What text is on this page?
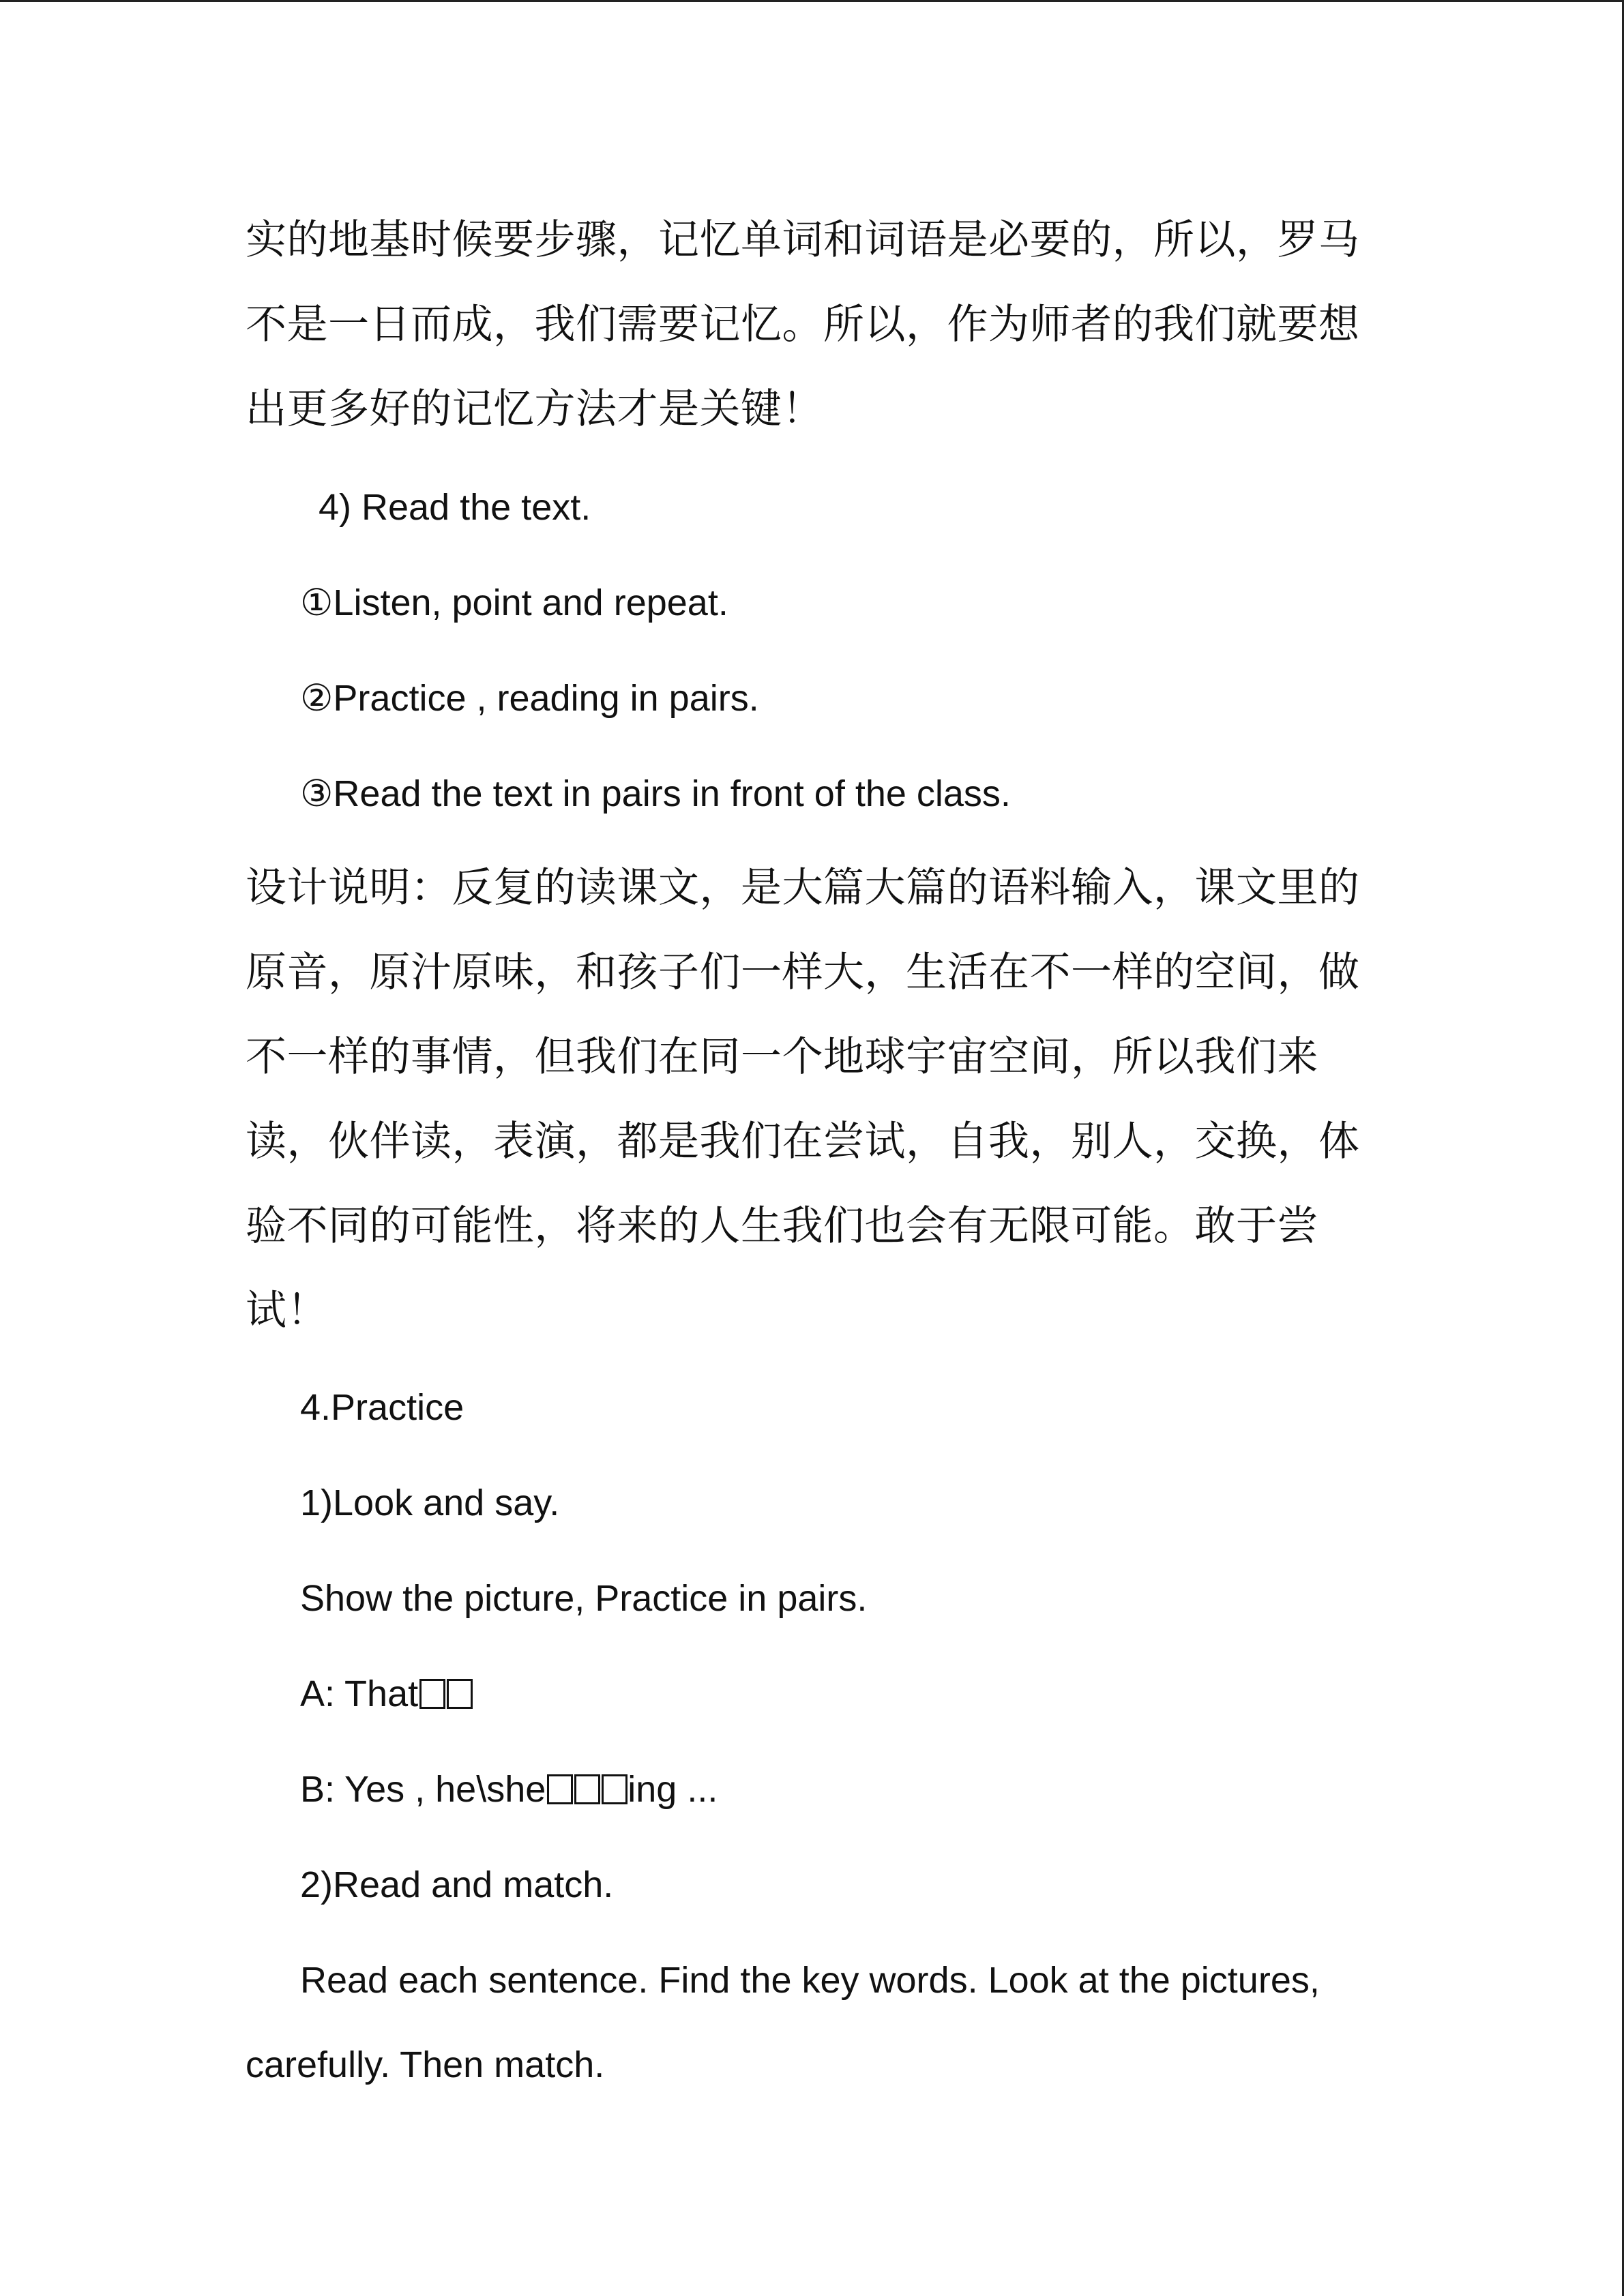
实的地基时候要步骤，记忆单词和词语是必要的，所以，罗马
不是一日而成，我们需要记忆。所以，作为师者的我们就要想
出更多好的记忆方法才是关键！
4) Read the text.
①Listen, point and repeat.
②Practice , reading in pairs.
③Read the text in pairs in front of the class.
设计说明：反复的读课文，是大篇大篇的语料输入，课文里的
原音，原汁原味，和孩子们一样大，生活在不一样的空间，做
不一样的事情，但我们在同一个地球宇宙空间，所以我们来
读，伙伴读，表演，都是我们在尝试，自我，别人，交换，体
验不同的可能性，将来的人生我们也会有无限可能。敢于尝
试！
4.Practice
1)Look and say.
Show the picture, Practice in pairs.
A: That
B: Yes , he\she ing ...
2)Read and match.
Read each sentence. Find the key words. Look at the pictures,
carefully. Then match.
